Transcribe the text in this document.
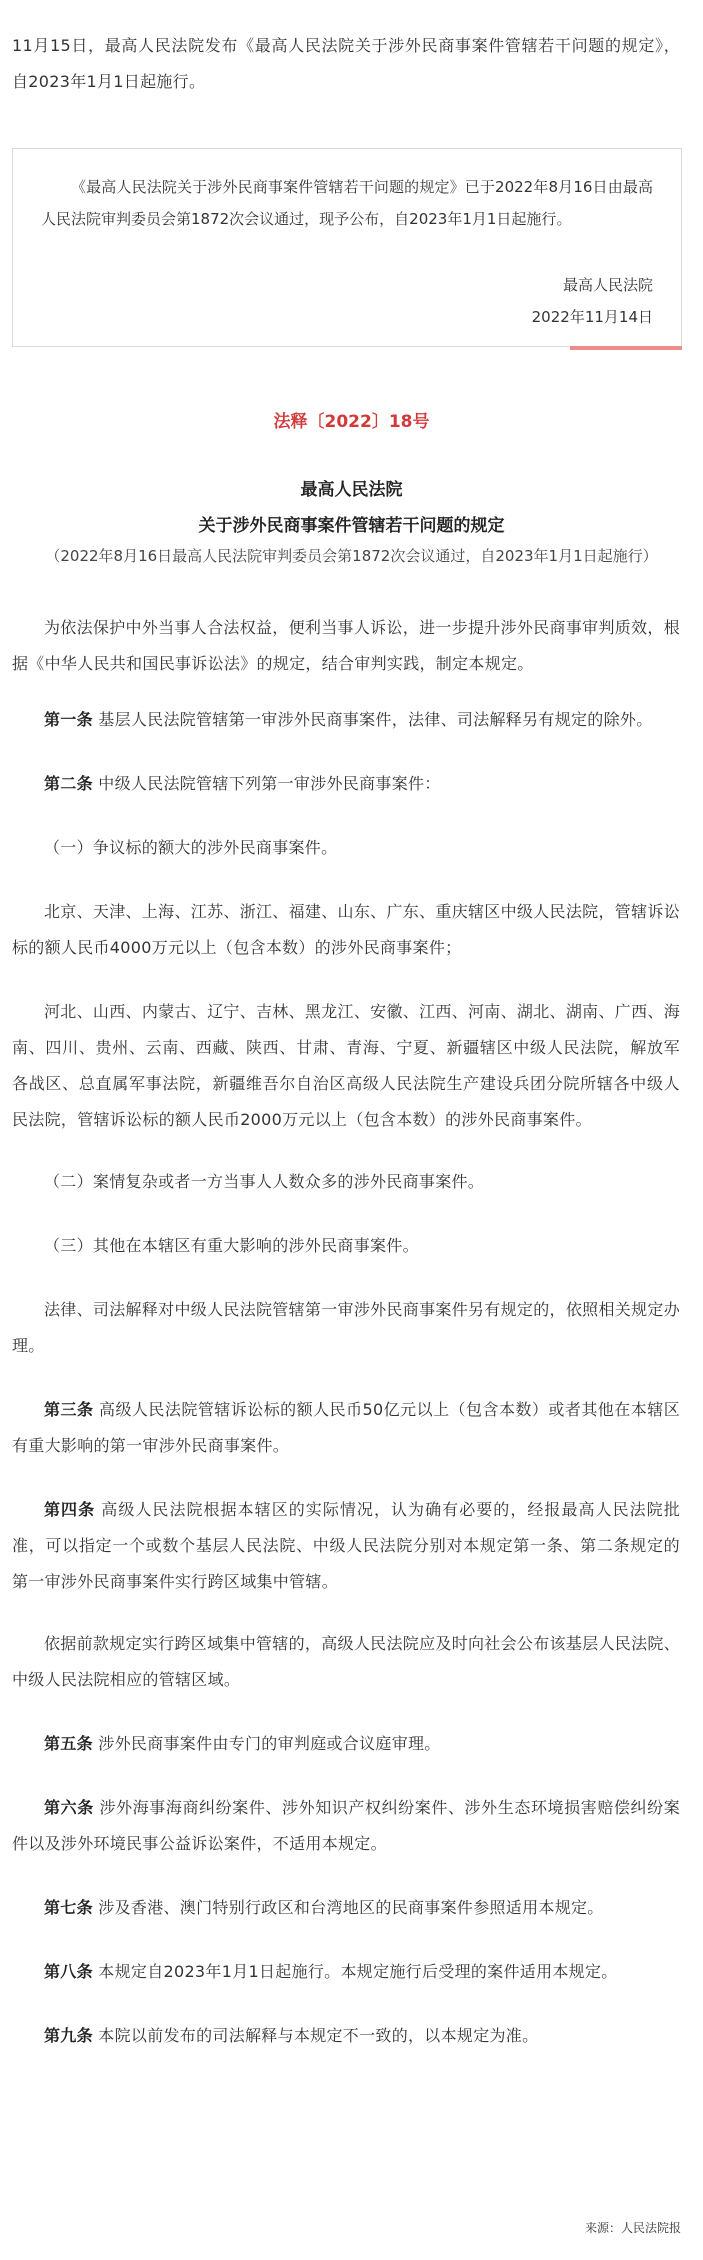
11月15日，最高人民法院发布《最高人民法院关于涉外民商事案件管辖若干问题的规定》，自2023年1月1日起施行。

《最高人民法院关于涉外民商事案件管辖若干问题的规定》已于2022年8月16日由最高人民法院审判委员会第1872次会议通过，现予公布，自2023年1月1日起施行。

最高人民法院
2022年11月14日

法释〔2022〕18号

最高人民法院

关于涉外民商事案件管辖若干问题的规定

（2022年8月16日最高人民法院审判委员会第1872次会议通过，自2023年1月1日起施行）

为依法保护中外当事人合法权益，便利当事人诉讼，进一步提升涉外民商事审判质效，根据《中华人民共和国民事诉讼法》的规定，结合审判实践，制定本规定。

第一条 基层人民法院管辖第一审涉外民商事案件，法律、司法解释另有规定的除外。

第二条 中级人民法院管辖下列第一审涉外民商事案件：

（一）争议标的额大的涉外民商事案件。

北京、天津、上海、江苏、浙江、福建、山东、广东、重庆辖区中级人民法院，管辖诉讼标的额人民币4000万元以上（包含本数）的涉外民商事案件；

河北、山西、内蒙古、辽宁、吉林、黑龙江、安徽、江西、河南、湖北、湖南、广西、海南、四川、贵州、云南、西藏、陕西、甘肃、青海、宁夏、新疆辖区中级人民法院，解放军各战区、总直属军事法院，新疆维吾尔自治区高级人民法院生产建设兵团分院所辖各中级人民法院，管辖诉讼标的额人民币2000万元以上（包含本数）的涉外民商事案件。

（二）案情复杂或者一方当事人人数众多的涉外民商事案件。

（三）其他在本辖区有重大影响的涉外民商事案件。

法律、司法解释对中级人民法院管辖第一审涉外民商事案件另有规定的，依照相关规定办理。

第三条 高级人民法院管辖诉讼标的额人民币50亿元以上（包含本数）或者其他在本辖区有重大影响的第一审涉外民商事案件。

第四条 高级人民法院根据本辖区的实际情况，认为确有必要的，经报最高人民法院批准，可以指定一个或数个基层人民法院、中级人民法院分别对本规定第一条、第二条规定的第一审涉外民商事案件实行跨区域集中管辖。

依据前款规定实行跨区域集中管辖的，高级人民法院应及时向社会公布该基层人民法院、中级人民法院相应的管辖区域。

第五条 涉外民商事案件由专门的审判庭或合议庭审理。

第六条 涉外海事海商纠纷案件、涉外知识产权纠纷案件、涉外生态环境损害赔偿纠纷案件以及涉外环境民事公益诉讼案件，不适用本规定。

第七条 涉及香港、澳门特别行政区和台湾地区的民商事案件参照适用本规定。

第八条 本规定自2023年1月1日起施行。本规定施行后受理的案件适用本规定。

第九条 本院以前发布的司法解释与本规定不一致的，以本规定为准。

来源：人民法院报
